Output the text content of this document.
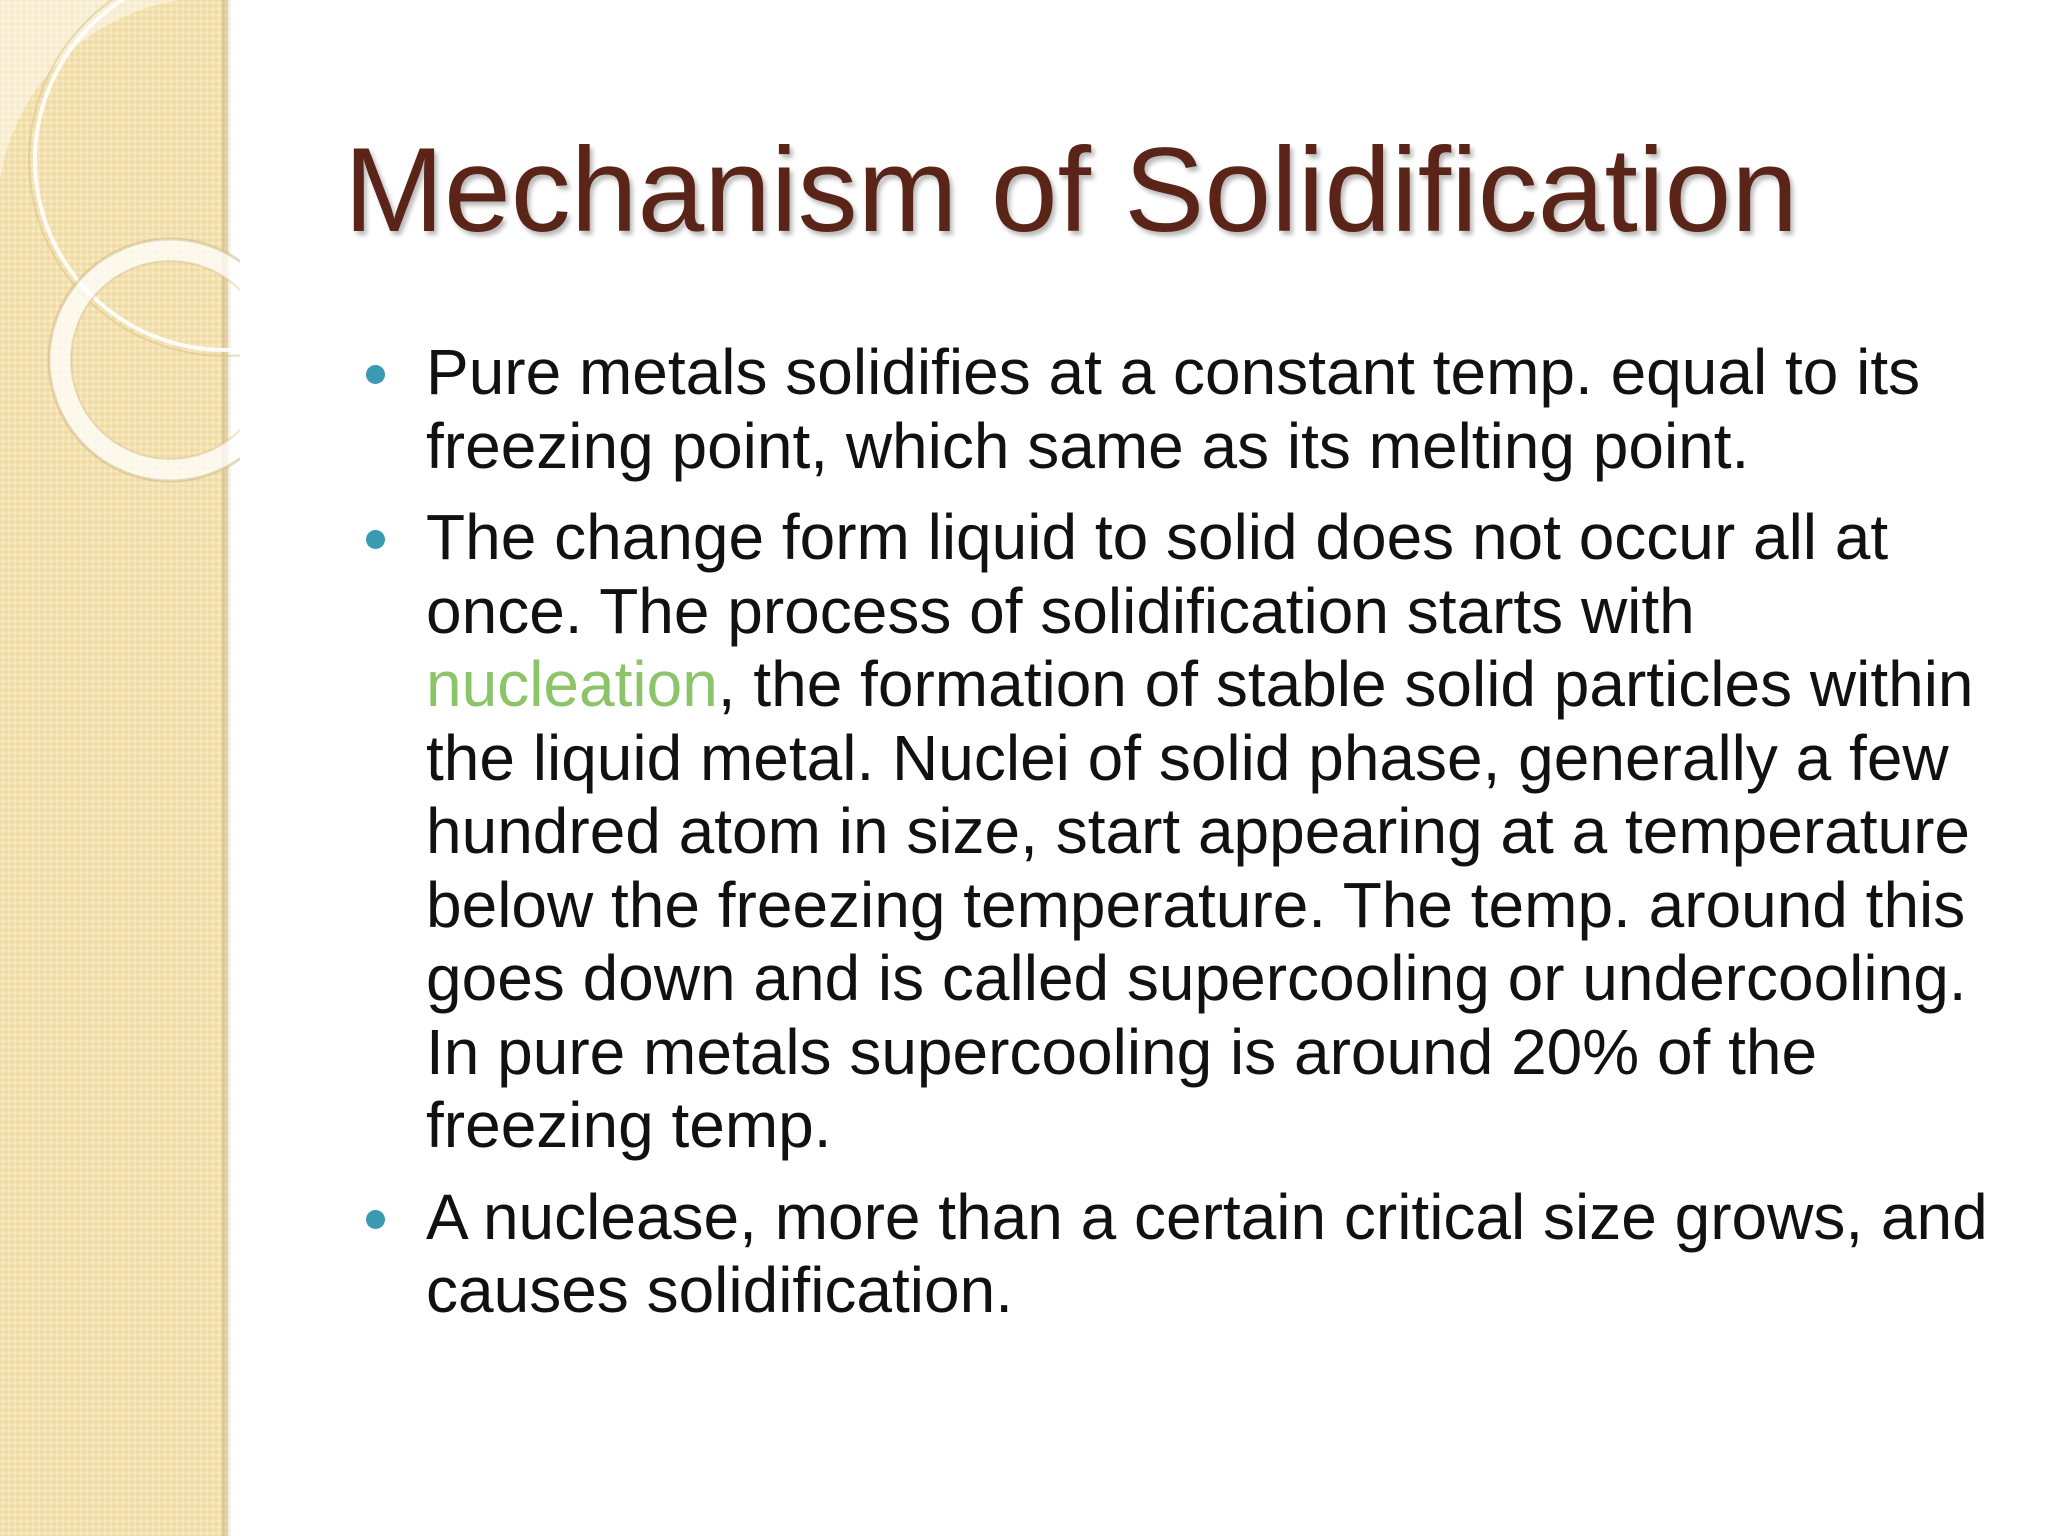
Mechanism of Solidification
Pure metals solidifies at a constant temp. equal to its freezing point, which same as its melting point.
The change form liquid to solid does not occur all at once. The process of solidification starts with nucleation, the formation of stable solid particles within the liquid metal. Nuclei of solid phase, generally a few hundred atom in size, start appearing at a temperature below the freezing temperature. The temp. around this goes down and is called supercooling or undercooling. In pure metals supercooling is around 20% of the freezing temp.
A nuclease, more than a certain critical size grows, and causes solidification.
